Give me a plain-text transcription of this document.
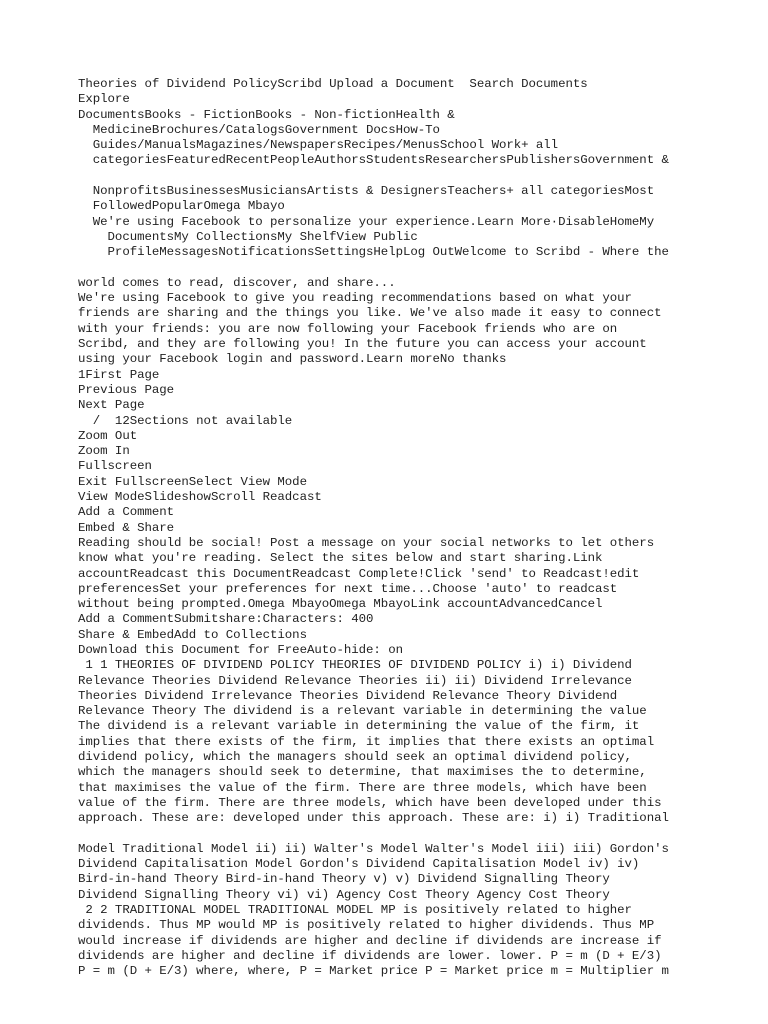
Theories of Dividend PolicyScribd Upload a Document  Search Documents
Explore
DocumentsBooks - FictionBooks - Non-fictionHealth &
MedicineBrochures/CatalogsGovernment DocsHow-To
Guides/ManualsMagazines/NewspapersRecipes/MenusSchool Work+ all
categoriesFeaturedRecentPeopleAuthorsStudentsResearchersPublishersGovernment &
NonprofitsBusinessesMusiciansArtists & DesignersTeachers+ all categoriesMost
FollowedPopularOmega Mbayo
We're using Facebook to personalize your experience.Learn More·DisableHomeMy
DocumentsMy CollectionsMy ShelfView Public
ProfileMessagesNotificationsSettingsHelpLog OutWelcome to Scribd - Where the
world comes to read, discover, and share...
We're using Facebook to give you reading recommendations based on what your
friends are sharing and the things you like. We've also made it easy to connect
with your friends: you are now following your Facebook friends who are on
Scribd, and they are following you! In the future you can access your account
using your Facebook login and password.Learn moreNo thanks
1First Page
Previous Page
Next Page
/  12Sections not available
Zoom Out
Zoom In
Fullscreen
Exit FullscreenSelect View Mode
View ModeSlideshowScroll Readcast
Add a Comment
Embed & Share
Reading should be social! Post a message on your social networks to let others
know what you're reading. Select the sites below and start sharing.Link
accountReadcast this DocumentReadcast Complete!Click 'send' to Readcast!edit
preferencesSet your preferences for next time...Choose 'auto' to readcast
without being prompted.Omega MbayoOmega MbayoLink accountAdvancedCancel
Add a CommentSubmitshare:Characters: 400
Share & EmbedAdd to Collections
Download this Document for FreeAuto-hide: on
1 1 THEORIES OF DIVIDEND POLICY THEORIES OF DIVIDEND POLICY i) i) Dividend
Relevance Theories Dividend Relevance Theories ii) ii) Dividend Irrelevance
Theories Dividend Irrelevance Theories Dividend Relevance Theory Dividend
Relevance Theory The dividend is a relevant variable in determining the value
The dividend is a relevant variable in determining the value of the firm, it
implies that there exists of the firm, it implies that there exists an optimal
dividend policy, which the managers should seek an optimal dividend policy,
which the managers should seek to determine, that maximises the to determine,
that maximises the value of the firm. There are three models, which have been
value of the firm. There are three models, which have been developed under this
approach. These are: developed under this approach. These are: i) i) Traditional
Model Traditional Model ii) ii) Walter's Model Walter's Model iii) iii) Gordon's
Dividend Capitalisation Model Gordon's Dividend Capitalisation Model iv) iv)
Bird-in-hand Theory Bird-in-hand Theory v) v) Dividend Signalling Theory
Dividend Signalling Theory vi) vi) Agency Cost Theory Agency Cost Theory
2 2 TRADITIONAL MODEL TRADITIONAL MODEL MP is positively related to higher
dividends. Thus MP would MP is positively related to higher dividends. Thus MP
would increase if dividends are higher and decline if dividends are increase if
dividends are higher and decline if dividends are lower. lower. P = m (D + E/3)
P = m (D + E/3) where, where, P = Market price P = Market price m = Multiplier m
